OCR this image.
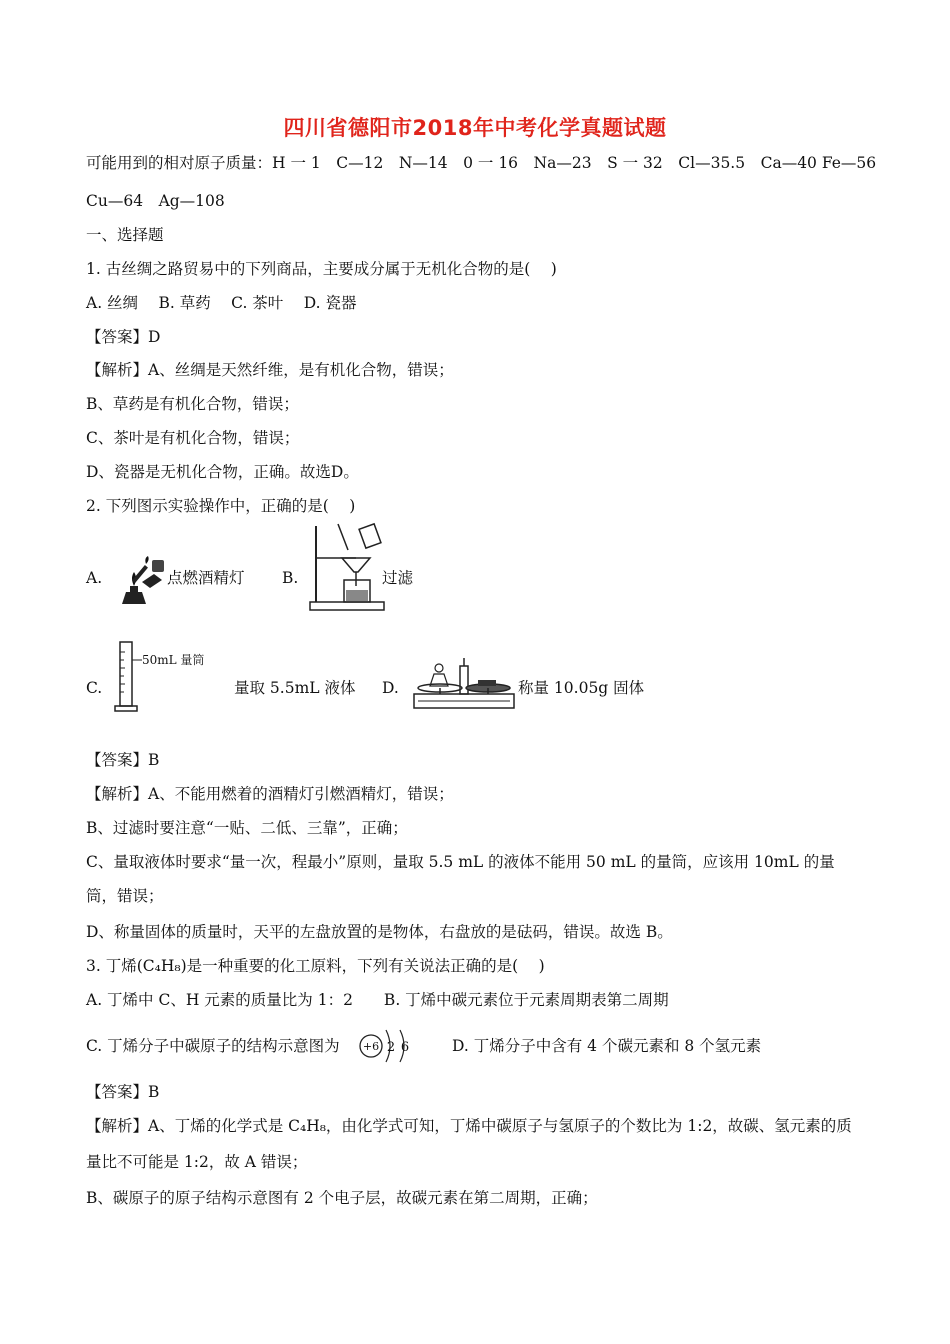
四川省德阳市2018年中考化学真题试题
可能用到的相对原子质量：H 一 1　C—12　N—14　0 一 16　Na—23　S 一 32　Cl—35.5　Ca—40 Fe—56
Cu—64　Ag—108
一、选择题
1. 古丝绸之路贸易中的下列商品，主要成分属于无机化合物的是(　 )
A. 丝绸　 B. 草药　 C. 茶叶　 D. 瓷器
【答案】D
【解析】A、丝绸是天然纤维，是有机化合物，错误；
B、草药是有机化合物，错误；
C、茶叶是有机化合物，错误；
D、瓷器是无机化合物，正确。故选D。
2. 下列图示实验操作中，正确的是(　 )
A.	点燃酒精灯 B.	过滤
C.
50mL 量筒
量取 5.5mL 液体 D.	称量 10.05g 固体
【答案】B
【解析】A、不能用燃着的酒精灯引燃酒精灯，错误；
B、过滤时要注意“一贴、二低、三靠”，正确；
C、量取液体时要求“量一次，程最小”原则，量取 5.5 mL 的液体不能用 50 mL 的量筒，应该用 10mL 的量
筒，错误；
D、称量固体的质量时，天平的左盘放置的是物体，右盘放的是砝码，错误。故选 B。
3. 丁烯(C₄H₈)是一种重要的化工原料，下列有关说法正确的是(　 )
A. 丁烯中 C、H 元素的质量比为 1：2　　B. 丁烯中碳元素位于元素周期表第二周期
C. 丁烯分子中碳原子的结构示意图为 +6 2 6	D. 丁烯分子中含有 4 个碳元素和 8 个氢元素
【答案】B
【解析】A、丁烯的化学式是 C₄H₈，由化学式可知，丁烯中碳原子与氢原子的个数比为 1:2，故碳、氢元素的质
量比不可能是 1:2，故 A 错误；
B、碳原子的原子结构示意图有 2 个电子层，故碳元素在第二周期，正确；
